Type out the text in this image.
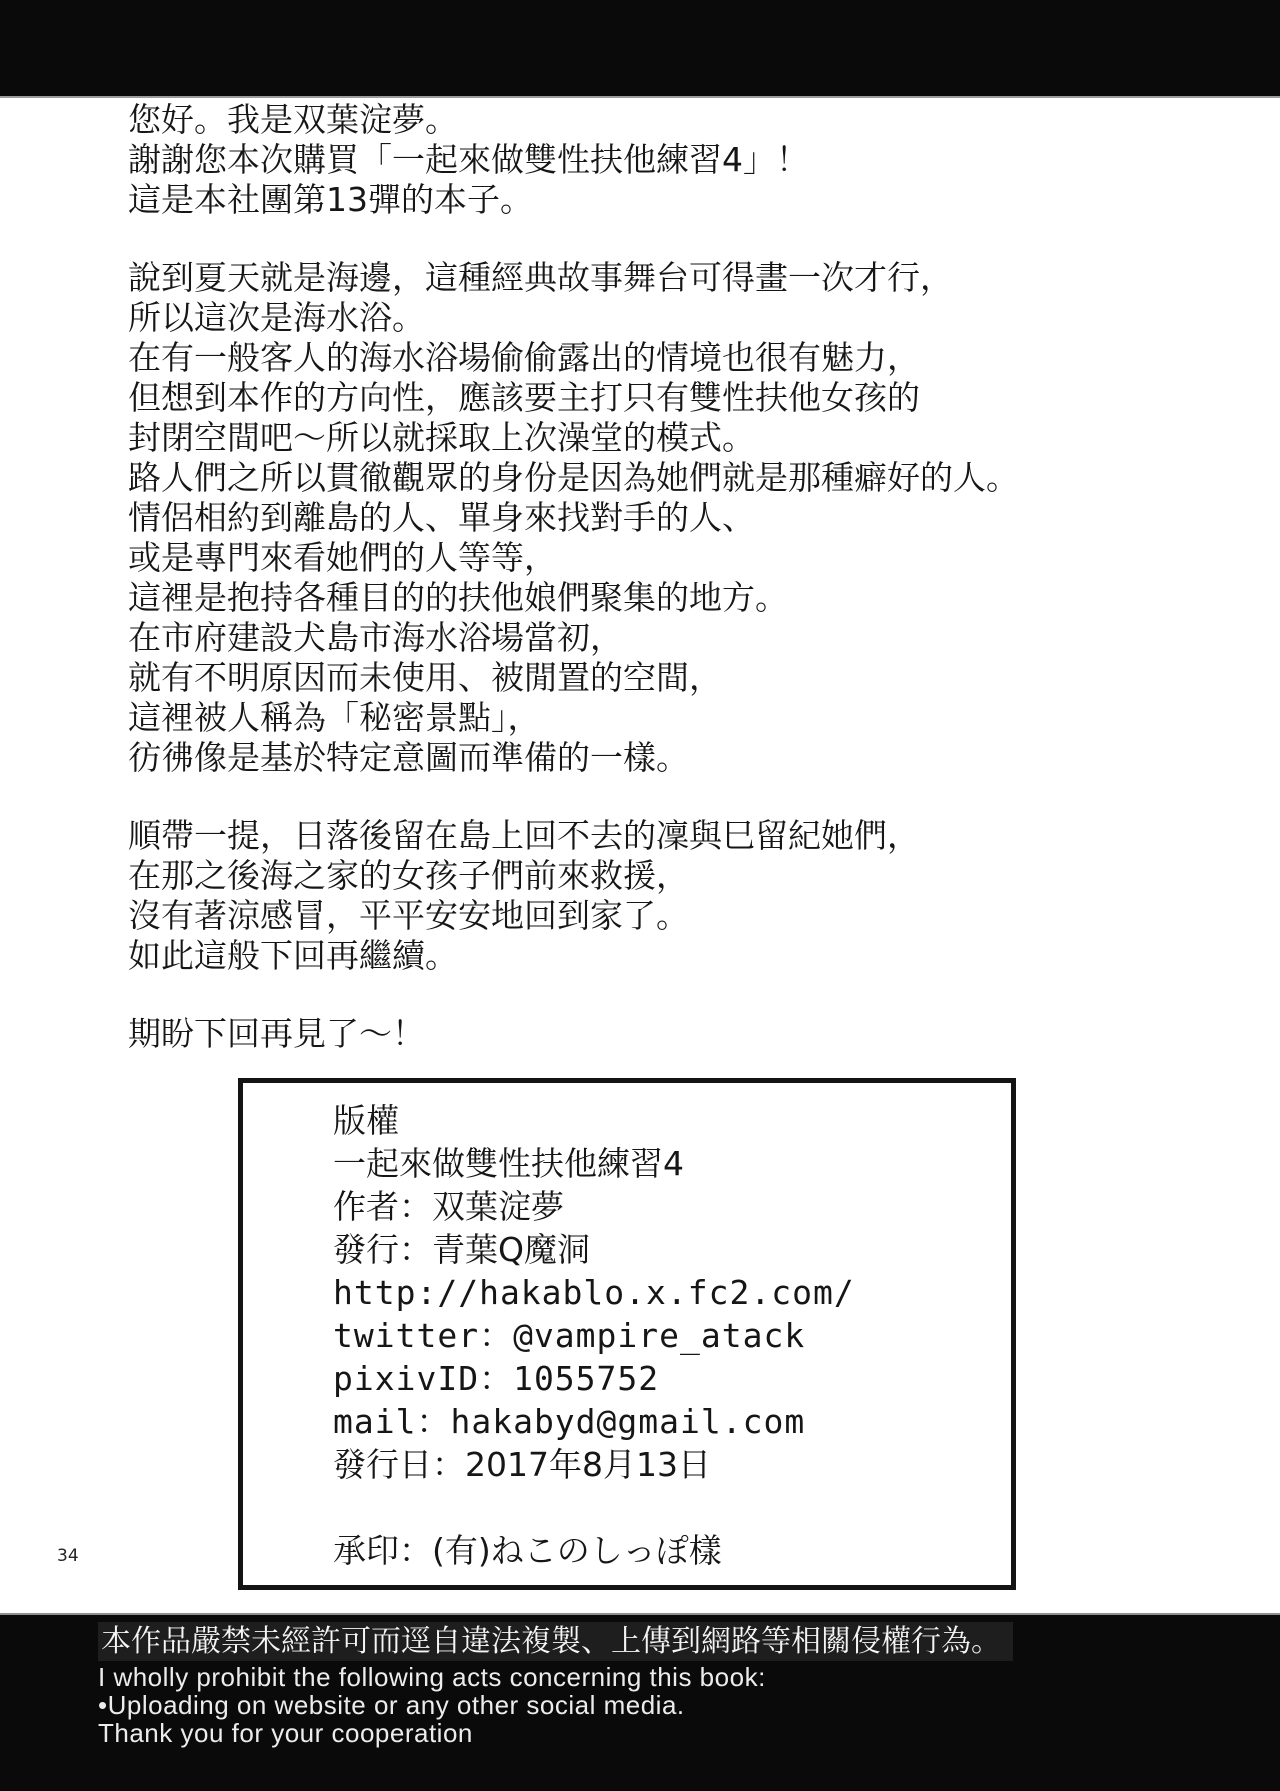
您好。我是双葉淀夢。
謝謝您本次購買「一起來做雙性扶他練習4」！
這是本社團第13彈的本子。
說到夏天就是海邊，這種經典故事舞台可得畫一次才行，
所以這次是海水浴。
在有一般客人的海水浴場偷偷露出的情境也很有魅力，
但想到本作的方向性，應該要主打只有雙性扶他女孩的
封閉空間吧～所以就採取上次澡堂的模式。
路人們之所以貫徹觀眾的身份是因為她們就是那種癖好的人。
情侶相約到離島的人、單身來找對手的人、
或是專門來看她們的人等等，
這裡是抱持各種目的的扶他娘們聚集的地方。
在市府建設犬島市海水浴場當初，
就有不明原因而未使用、被閒置的空間，
這裡被人稱為「秘密景點」，
彷彿像是基於特定意圖而準備的一樣。
順帶一提，日落後留在島上回不去的凜與巳留紀她們，
在那之後海之家的女孩子們前來救援，
沒有著涼感冒，平平安安地回到家了。
如此這般下回再繼續。
期盼下回再見了～！
版權
一起來做雙性扶他練習4
作者：双葉淀夢
發行：青葉Q魔洞
http://hakablo.x.fc2.com/
twitter：@vampire_atack
pixivID：1055752
mail：hakabyd@gmail.com
發行日：2017年8月13日
承印：(有)ねこのしっぽ樣
34
本作品嚴禁未經許可而逕自違法複製、上傳到網路等相關侵權行為。
I wholly prohibit the following acts concerning this book:
•Uploading on website or any other social media.
Thank you for your cooperation
